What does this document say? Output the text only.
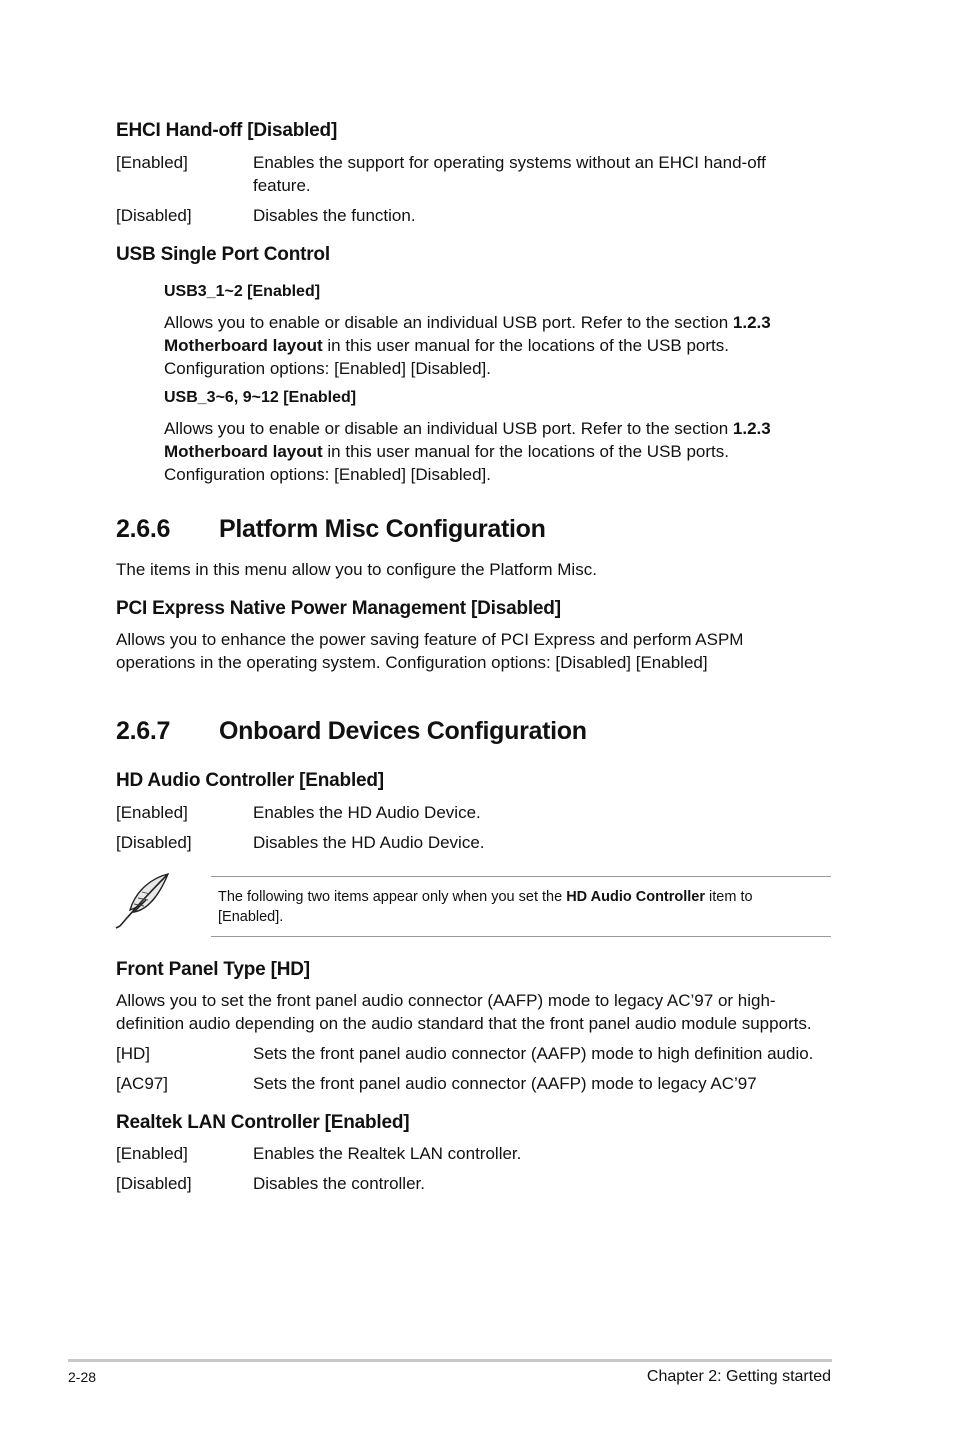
EHCI Hand-off [Disabled]
[Enabled]	Enables the support for operating systems without an EHCI hand-off feature.
[Disabled]	Disables the function.
USB Single Port Control
USB3_1~2 [Enabled]
Allows you to enable or disable an individual USB port. Refer to the section 1.2.3 Motherboard layout in this user manual for the locations of the USB ports. Configuration options: [Enabled] [Disabled].
USB_3~6, 9~12 [Enabled]
Allows you to enable or disable an individual USB port. Refer to the section 1.2.3 Motherboard layout in this user manual for the locations of the USB ports. Configuration options: [Enabled] [Disabled].
2.6.6 Platform Misc Configuration
The items in this menu allow you to configure the Platform Misc.
PCI Express Native Power Management [Disabled]
Allows you to enhance the power saving feature of PCI Express and perform ASPM operations in the operating system. Configuration options: [Disabled] [Enabled]
2.6.7 Onboard Devices Configuration
HD Audio Controller [Enabled]
[Enabled]	Enables the HD Audio Device.
[Disabled]	Disables the HD Audio Device.
The following two items appear only when you set the HD Audio Controller item to [Enabled].
Front Panel Type [HD]
Allows you to set the front panel audio connector (AAFP) mode to legacy AC’97 or high-definition audio depending on the audio standard that the front panel audio module supports.
[HD]	Sets the front panel audio connector (AAFP) mode to high definition audio.
[AC97]	Sets the front panel audio connector (AAFP) mode to legacy AC’97
Realtek LAN Controller [Enabled]
[Enabled]	Enables the Realtek LAN controller.
[Disabled]	Disables the controller.
2-28	Chapter 2: Getting started
